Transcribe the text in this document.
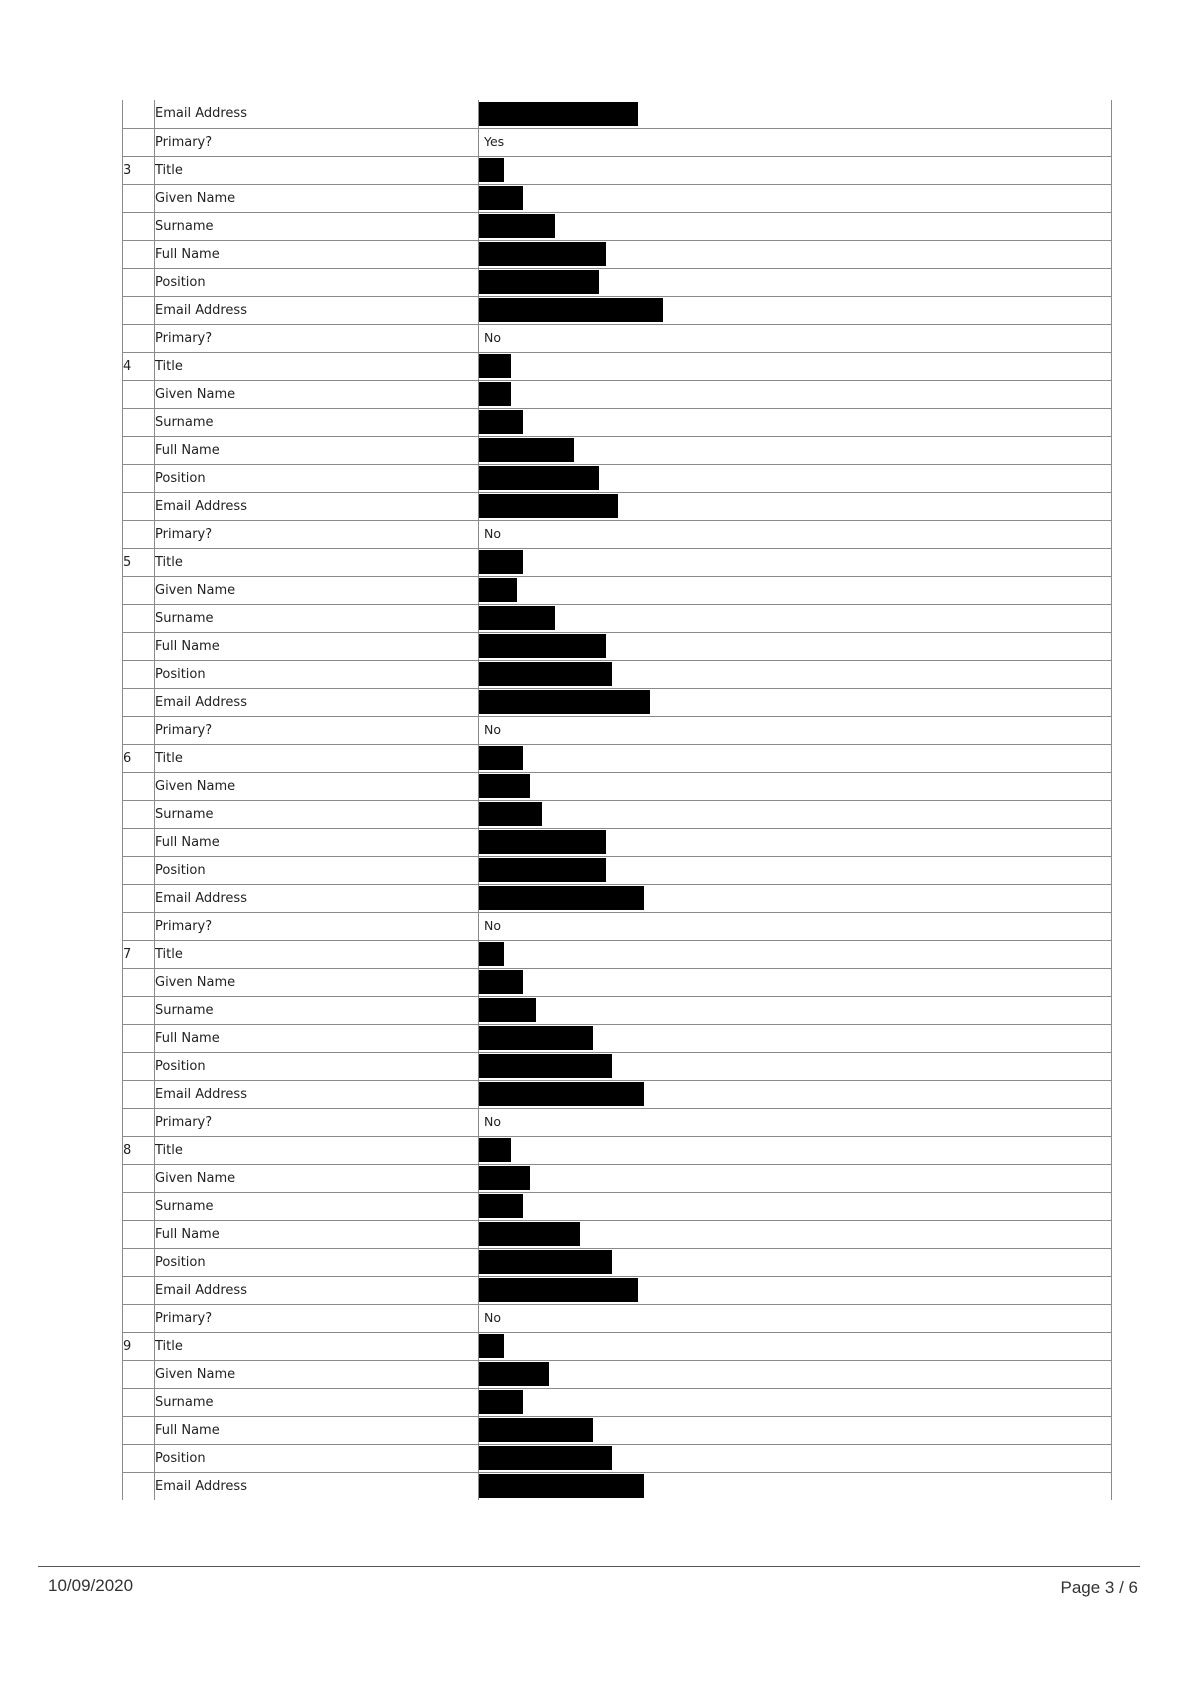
	Email Address	
	Primary?	Yes
3	Title	
	Given Name	
	Surname	
	Full Name	
	Position	
	Email Address	
	Primary?	No
4	Title	
	Given Name	
	Surname	
	Full Name	
	Position	
	Email Address	
	Primary?	No
5	Title	
	Given Name	
	Surname	
	Full Name	
	Position	
	Email Address	
	Primary?	No
6	Title	
	Given Name	
	Surname	
	Full Name	
	Position	
	Email Address	
	Primary?	No
7	Title	
	Given Name	
	Surname	
	Full Name	
	Position	
	Email Address	
	Primary?	No
8	Title	
	Given Name	
	Surname	
	Full Name	
	Position	
	Email Address	
	Primary?	No
9	Title	
	Given Name	
	Surname	
	Full Name	
	Position	
	Email Address	
10/09/2020	Page 3 / 6
